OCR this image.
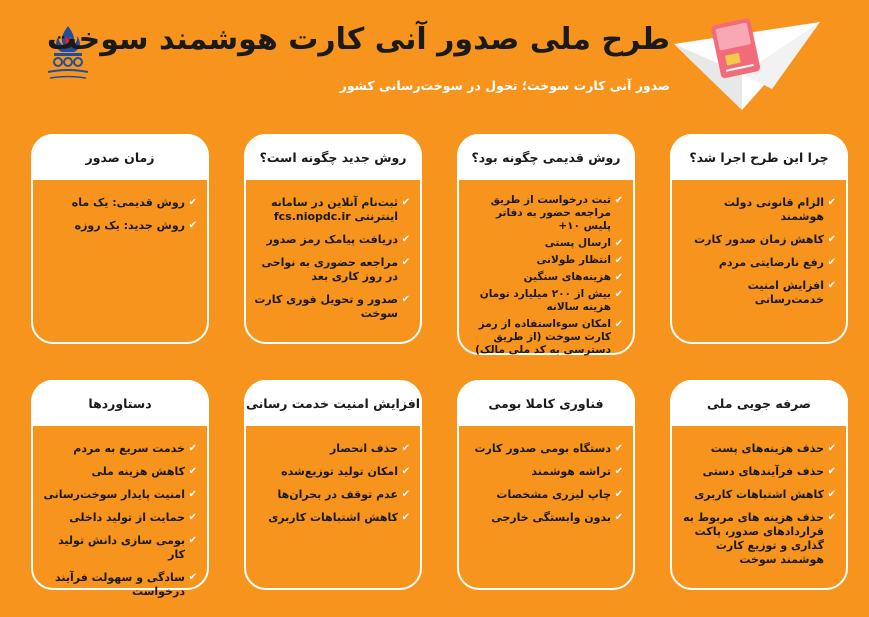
طرح ملی صدور آنی کارت هوشمند سوخت
صدور آنی کارت سوخت؛ تحول در سوخت‌رسانی کشور
چرا این طرح اجرا شد؟
✔
الزام قانونی دولت هوشمند
✔
کاهش زمان صدور کارت
✔
رفع نارضایتی مردم
✔
افزایش امنیت خدمت‌رسانی
روش قدیمی چگونه بود؟
✔
ثبت درخواست از طریق مراجعه حضور به دفاتر پلیس ۱۰+
✔
ارسال پستی
✔
انتظار طولانی
✔
هزینه‌های سنگین
✔
بیش از ۲۰۰ میلیارد تومان هزینه سالانه
✔
امکان سوءاستفاده از رمز کارت سوخت (از طریق دسترسی به کد ملی مالک)
روش جدید چگونه است؟
✔
ثبت‌نام آنلاین در سامانه اینترنتی fcs.niopdc.ir
✔
دریافت پیامک رمز صدور
✔
مراجعه حضوری به نواحی در روز کاری بعد
✔
صدور و تحویل فوری کارت سوخت
زمان صدور
✔
روش قدیمی: یک ماه
✔
روش جدید: یک روزه
صرفه جویی ملی
✔
حذف هزینه‌های پست
✔
حذف فرآیندهای دستی
✔
کاهش اشتباهات کاربری
✔
حذف هزینه های مربوط به قراردادهای صدور، پاکت گذاری و توزیع کارت هوشمند سوخت
فناوری کاملا بومی
✔
دستگاه بومی صدور کارت
✔
تراشه هوشمند
✔
چاپ لیزری مشخصات
✔
بدون وابستگی خارجی
افزایش امنیت خدمت رسانی
✔
حذف انحصار
✔
امکان تولید توزیع‌شده
✔
عدم توقف در بحران‌ها
✔
کاهش اشتباهات کاربری
دستاوردها
✔
خدمت سریع به مردم
✔
کاهش هزینه ملی
✔
امنیت پایدار سوخت‌رسانی
✔
حمایت از تولید داخلی
✔
بومی سازی دانش تولید کار
✔
سادگی و سهولت فرآیند درخواست
